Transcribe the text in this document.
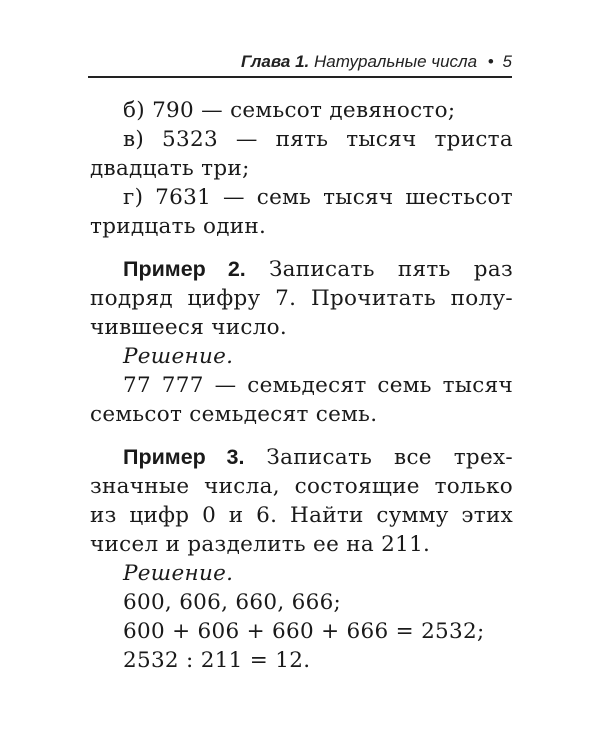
Глава 1. Натуральные числа • 5
б) 790 — семьсот девяносто;
в) 5323 — пять тысяч триста
двадцать три;
г) 7631 — семь тысяч шестьсот
тридцать один.
Пример 2. Записать пять раз
подряд цифру 7. Прочитать полу-
чившееся число.
Решение.
77 777 — семьдесят семь тысяч
семьсот семьдесят семь.
Пример 3. Записать все трех-
значные числа, состоящие только
из цифр 0 и 6. Найти сумму этих
чисел и разделить ее на 211.
Решение.
600, 606, 660, 666;
600 + 606 + 660 + 666 = 2532;
2532 : 211 = 12.
